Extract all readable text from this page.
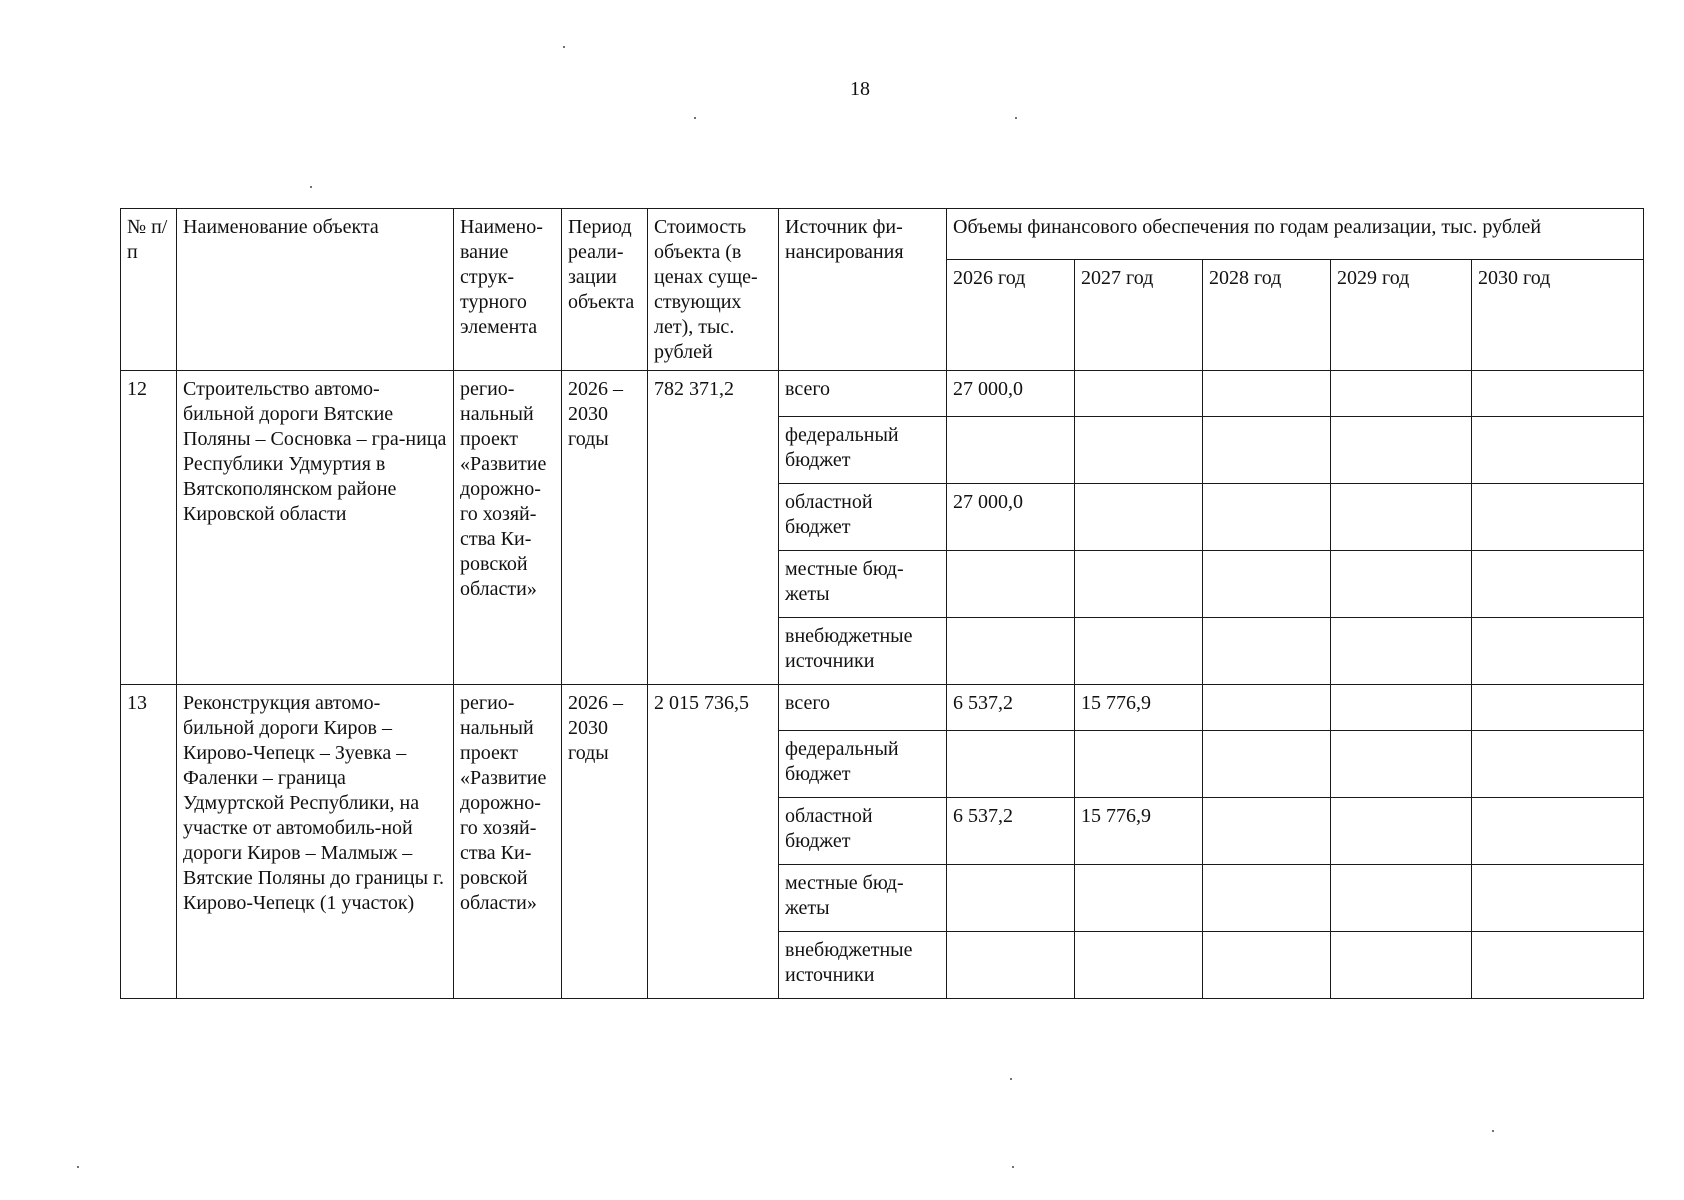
18
№ п/п	Наименование объекта	Наимено-вание струк-турного элемента	Период реали-зации объекта	Стоимость объекта (в ценах суще-ствующих лет), тыс. рублей	Источник фи-нансирования	Объемы финансового обеспечения по годам реализации, тыс. рублей				
						2026 год	2027 год	2028 год	2029 год	2030 год
12	Строительство автомо-бильной дороги Вятские Поляны – Сосновка – гра-ница Республики Удмуртия в Вятскополянском районе Кировской области	регио-нальный проект «Развитие дорожно-го хозяй-ства Ки-ровской области»	2026 – 2030 годы	782 371,2	всего	27 000,0				
					федеральный бюджет					
					областной бюджет	27 000,0				
					местные бюд-жеты					
					внебюджетные источники					
13	Реконструкция автомо-бильной дороги Киров – Кирово-Чепецк – Зуевка – Фаленки – граница Удмуртской Республики, на участке от автомобиль-ной дороги Киров – Малмыж – Вятские Поляны до границы г. Кирово-Чепецк (1 участок)	регио-нальный проект «Развитие дорожно-го хозяй-ства Ки-ровской области»	2026 – 2030 годы	2 015 736,5	всего	6 537,2	15 776,9			
					федеральный бюджет					
					областной бюджет	6 537,2	15 776,9			
					местные бюд-жеты					
					внебюджетные источники					
